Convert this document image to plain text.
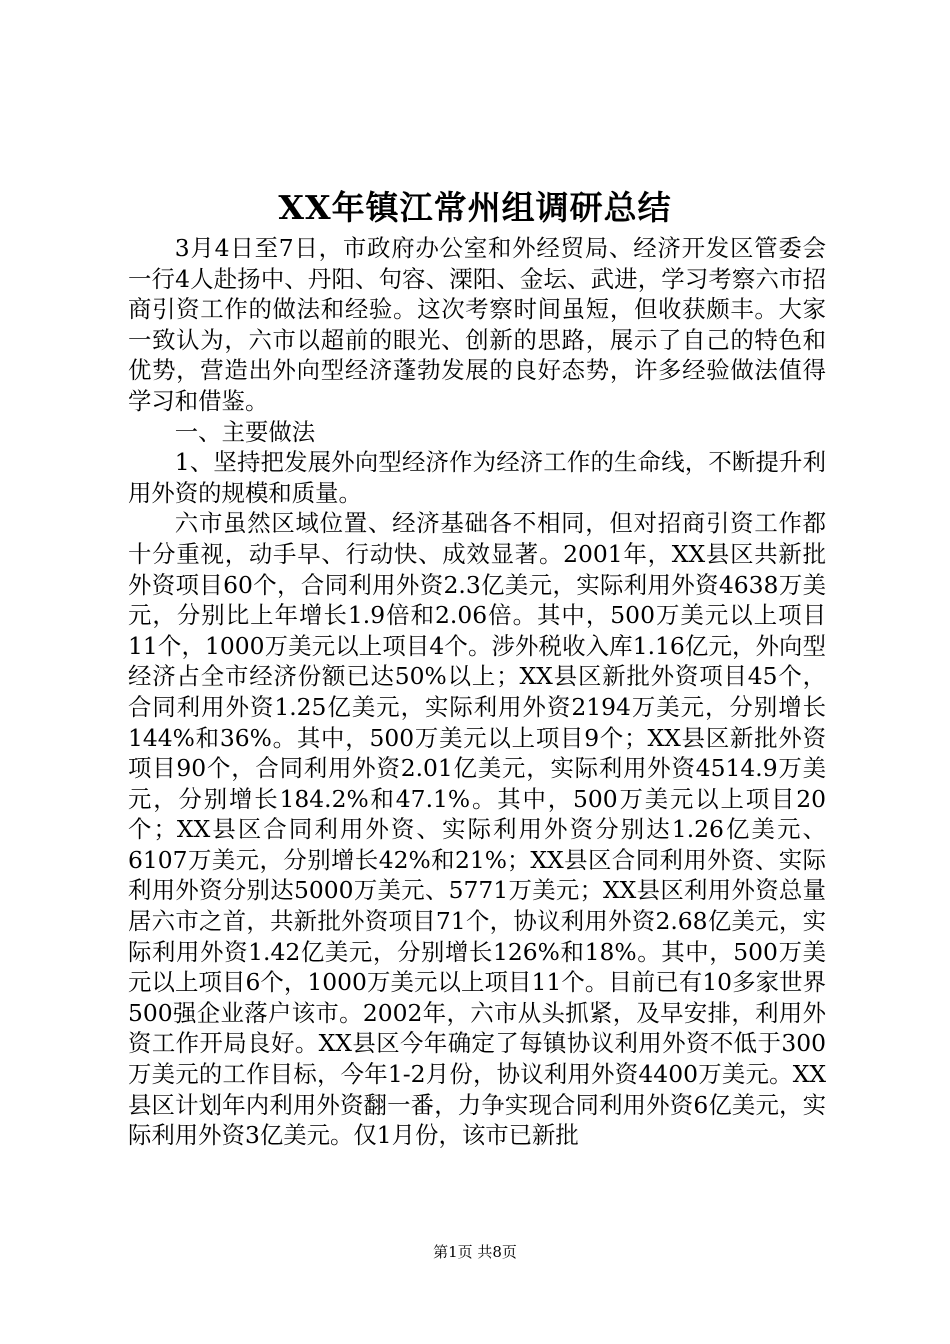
XX年镇江常州组调研总结

3月4日至7日，市政府办公室和外经贸局、经济开发区管委会一行4人赴扬中、丹阳、句容、溧阳、金坛、武进，学习考察六市招商引资工作的做法和经验。这次考察时间虽短，但收获颇丰。大家一致认为，六市以超前的眼光、创新的思路，展示了自己的特色和优势，营造出外向型经济蓬勃发展的良好态势，许多经验做法值得学习和借鉴。

一、主要做法

1、坚持把发展外向型经济作为经济工作的生命线，不断提升利用外资的规模和质量。

六市虽然区域位置、经济基础各不相同，但对招商引资工作都十分重视，动手早、行动快、成效显著。2001年，XX县区共新批外资项目60个，合同利用外资2.3亿美元，实际利用外资4638万美元，分别比上年增长1.9倍和2.06倍。其中，500万美元以上项目11个，1000万美元以上项目4个。涉外税收入库1.16亿元，外向型经济占全市经济份额已达50%以上；XX县区新批外资项目45个，合同利用外资1.25亿美元，实际利用外资2194万美元，分别增长144%和36%。其中，500万美元以上项目9个；XX县区新批外资项目90个，合同利用外资2.01亿美元，实际利用外资4514.9万美元，分别增长184.2%和47.1%。其中，500万美元以上项目20个；XX县区合同利用外资、实际利用外资分别达1.26亿美元、6107万美元，分别增长42%和21%；XX县区合同利用外资、实际利用外资分别达5000万美元、5771万美元；XX县区利用外资总量居六市之首，共新批外资项目71个，协议利用外资2.68亿美元，实际利用外资1.42亿美元，分别增长126%和18%。其中，500万美元以上项目6个，1000万美元以上项目11个。目前已有10多家世界500强企业落户该市。2002年，六市从头抓紧，及早安排，利用外资工作开局良好。XX县区今年确定了每镇协议利用外资不低于300万美元的工作目标，今年1-2月份，协议利用外资4400万美元。XX县区计划年内利用外资翻一番，力争实现合同利用外资6亿美元，实际利用外资3亿美元。仅1月份，该市已新批

第1页 共8页
